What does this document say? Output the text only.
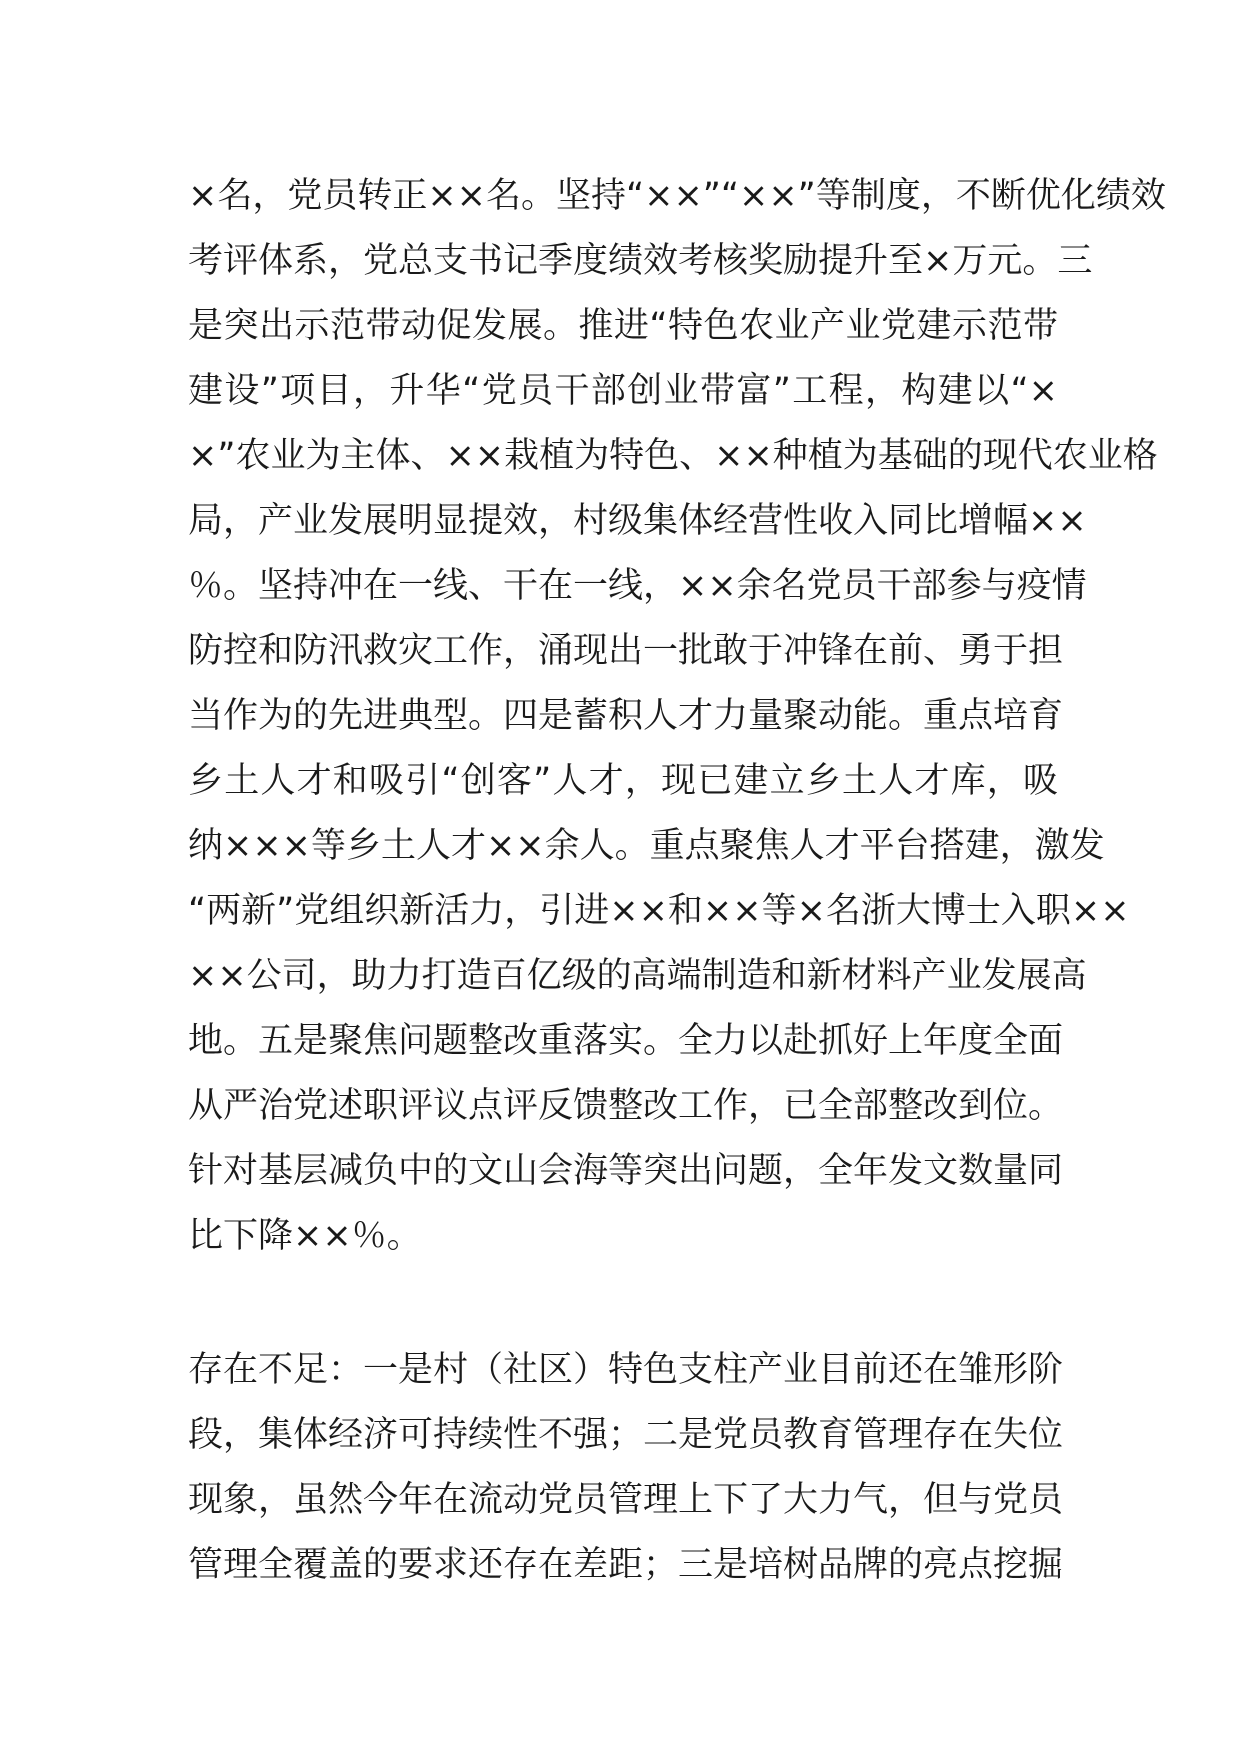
×名，党员转正××名。坚持“××”“××”等制度，不断优化绩效
考评体系，党总支书记季度绩效考核奖励提升至×万元。三
是突出示范带动促发展。推进“特色农业产业党建示范带
建设”项目，升华“党员干部创业带富”工程，构建以“×
×”农业为主体、××栽植为特色、××种植为基础的现代农业格
局，产业发展明显提效，村级集体经营性收入同比增幅××
％。坚持冲在一线、干在一线，××余名党员干部参与疫情
防控和防汛救灾工作，涌现出一批敢于冲锋在前、勇于担
当作为的先进典型。四是蓄积人才力量聚动能。重点培育
乡土人才和吸引“创客”人才，现已建立乡土人才库，吸
纳×××等乡土人才××余人。重点聚焦人才平台搭建，激发
“两新”党组织新活力，引进××和××等×名浙大博士入职××
××公司，助力打造百亿级的高端制造和新材料产业发展高
地。五是聚焦问题整改重落实。全力以赴抓好上年度全面
从严治党述职评议点评反馈整改工作，已全部整改到位。
针对基层减负中的文山会海等突出问题，全年发文数量同
比下降××％。
存在不足：一是村（社区）特色支柱产业目前还在雏形阶
段，集体经济可持续性不强；二是党员教育管理存在失位
现象，虽然今年在流动党员管理上下了大力气，但与党员
管理全覆盖的要求还存在差距；三是培树品牌的亮点挖掘
